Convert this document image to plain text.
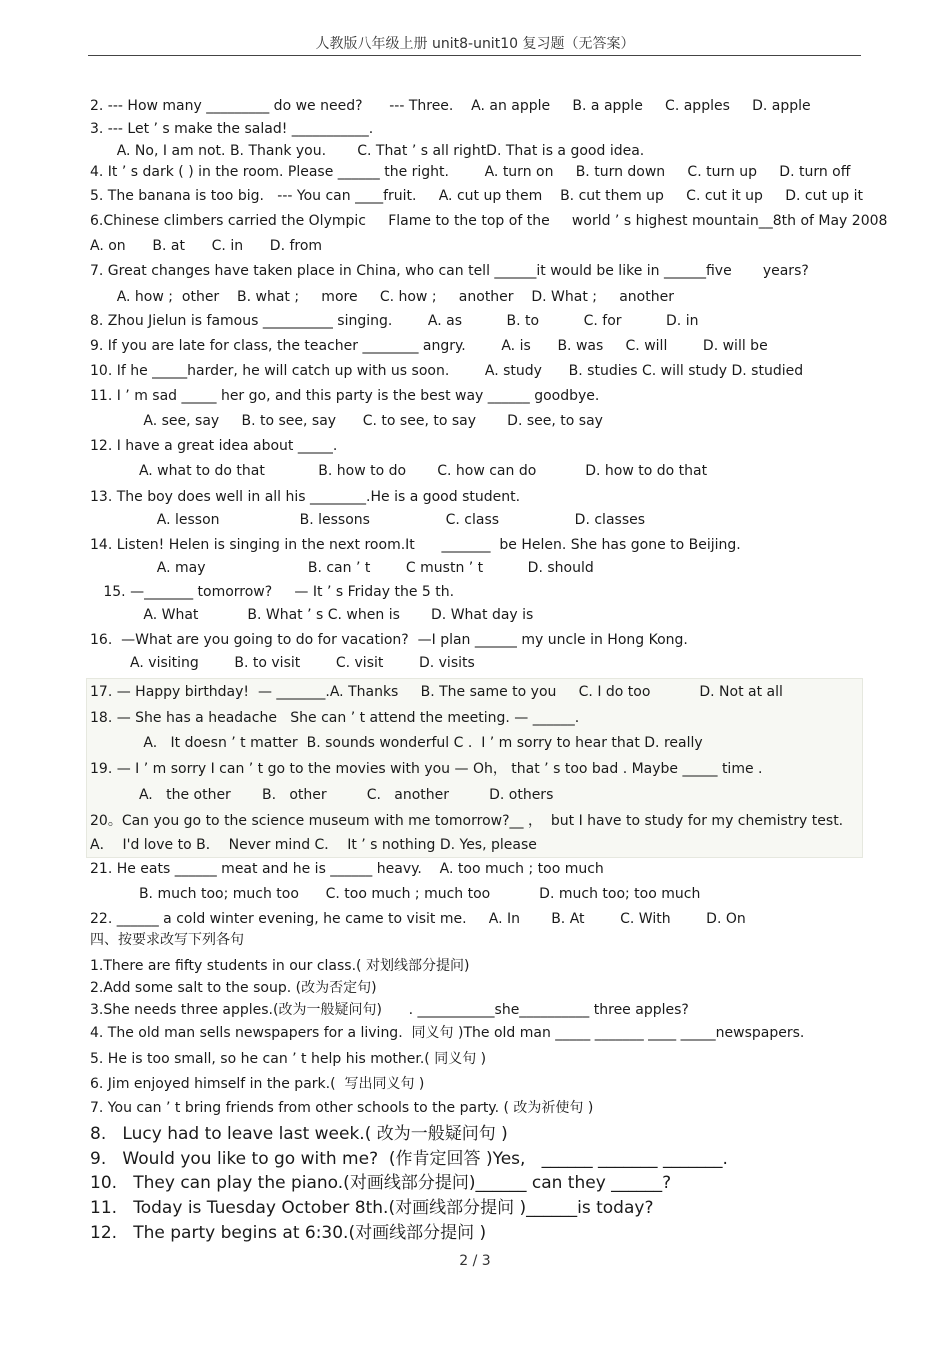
人教版八年级上册 unit8-unit10 复习题（无答案）
2. --- How many _________ do we need?      --- Three.    A. an apple     B. a apple     C. apples     D. apple
3. --- Let ’ s make the salad! ___________.
A. No, I am not. B. Thank you.       C. That ’ s all rightD. That is a good idea.
4. It ’ s dark ( ) in the room. Please ______ the right.        A. turn on     B. turn down     C. turn up     D. turn off
5. The banana is too big.   --- You can ____fruit.     A. cut up them    B. cut them up     C. cut it up     D. cut up it
6.Chinese climbers carried the Olympic     Flame to the top of the     world ’ s highest mountain__8th of May 2008
A. on      B. at      C. in      D. from
7. Great changes have taken place in China, who can tell ______it would be like in ______five       years?
A. how ;  other    B. what ;     more     C. how ;     another    D. What ;     another
8. Zhou Jielun is famous __________ singing.        A. as          B. to          C. for          D. in
9. If you are late for class, the teacher ________ angry.        A. is      B. was     C. will        D. will be
10. If he _____harder, he will catch up with us soon.        A. study      B. studies C. will study D. studied
11. I ’ m sad _____ her go, and this party is the best way ______ goodbye.
A. see, say     B. to see, say      C. to see, to say       D. see, to say
12. I have a great idea about _____.
A. what to do that            B. how to do       C. how can do           D. how to do that
13. The boy does well in all his ________.He is a good student.
A. lesson                  B. lessons                 C. class                 D. classes
14. Listen! Helen is singing in the next room.It      _______  be Helen. She has gone to Beijing.
A. may                       B. can ’ t        C mustn ’ t          D. should
15. —_______ tomorrow?     — It ’ s Friday the 5 th.
A. What           B. What ’ s C. when is       D. What day is
16.  —What are you going to do for vacation?  —I plan ______ my uncle in Hong Kong.
A. visiting        B. to visit        C. visit        D. visits
17. — Happy birthday!  — _______.A. Thanks     B. The same to you     C. I do too           D. Not at all
18. — She has a headache   She can ’ t attend the meeting. — ______.
A.   It doesn ’ t matter  B. sounds wonderful C .  I ’ m sorry to hear that D. really
19. — I ’ m sorry I can ’ t go to the movies with you — Oh， that ’ s too bad . Maybe _____ time .
A.   the other       B.   other         C.   another         D. others
20。Can you go to the science museum with me tomorrow?__ ，  but I have to study for my chemistry test.
A．  I'd love to B．  Never mind C．  It ’ s nothing D. Yes, please
21. He eats ______ meat and he is ______ heavy.    A. too much ; too much
B. much too; much too      C. too much ; much too           D. much too; too much
22. ______ a cold winter evening, he came to visit me.     A. In       B. At        C. With        D. On
四、按要求改写下列各句
1.There are fifty students in our class.( 对划线部分提问)
2.Add some salt to the soup. (改为否定句)
3.She needs three apples.(改为一般疑问句)      . ___________she__________ three apples?
4. The old man sells newspapers for a living.  同义句 )The old man _____ _______ ____ _____newspapers.
5. He is too small, so he can ’ t help his mother.( 同义句 )
6. Jim enjoyed himself in the park.(  写出同义句 )
7. You can ’ t bring friends from other schools to the party. ( 改为祈使句 )
8.   Lucy had to leave last week.( 改为一般疑问句 )
9.   Would you like to go with me?  (作肯定回答 )Yes,   ______ _______ _______.
10.   They can play the piano.(对画线部分提问)______ can they ______?
11.   Today is Tuesday October 8th.(对画线部分提问 )______is today?
12.   The party begins at 6:30.(对画线部分提问 )
2 / 3
